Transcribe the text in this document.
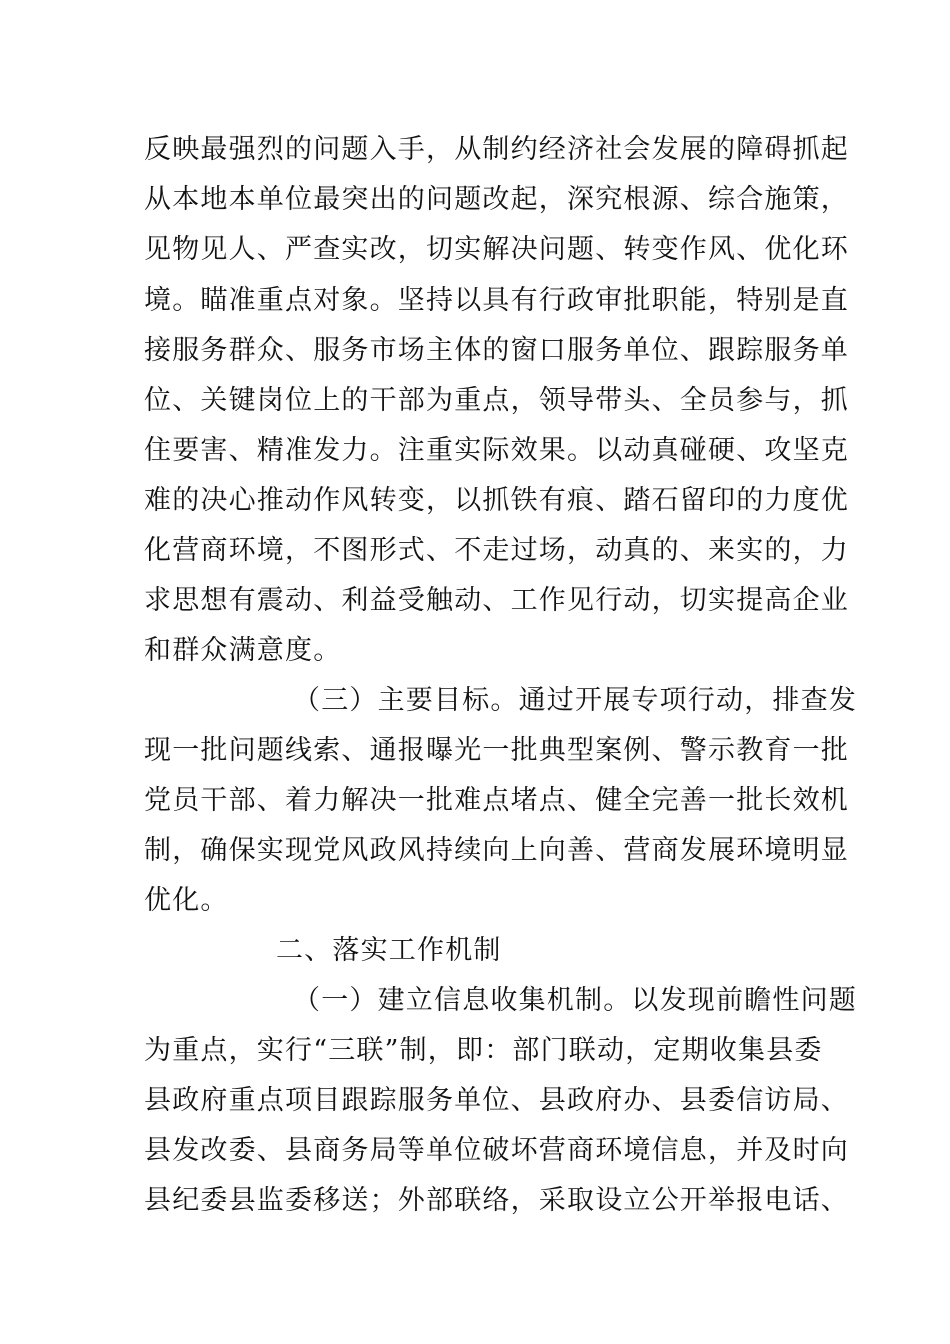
反映最强烈的问题入手，从制约经济社会发展的障碍抓起
从本地本单位最突出的问题改起，深究根源、综合施策，
见物见人、严查实改，切实解决问题、转变作风、优化环
境。瞄准重点对象。坚持以具有行政审批职能，特别是直
接服务群众、服务市场主体的窗口服务单位、跟踪服务单
位、关键岗位上的干部为重点，领导带头、全员参与，抓
住要害、精准发力。注重实际效果。以动真碰硬、攻坚克
难的决心推动作风转变，以抓铁有痕、踏石留印的力度优
化营商环境，不图形式、不走过场，动真的、来实的，力
求思想有震动、利益受触动、工作见行动，切实提高企业
和群众满意度。
（三）主要目标。通过开展专项行动，排查发
现一批问题线索、通报曝光一批典型案例、警示教育一批
党员干部、着力解决一批难点堵点、健全完善一批长效机
制，确保实现党风政风持续向上向善、营商发展环境明显
优化。
二、落实工作机制
（一）建立信息收集机制。以发现前瞻性问题
为重点，实行“三联”制，即：部门联动，定期收集县委
县政府重点项目跟踪服务单位、县政府办、县委信访局、
县发改委、县商务局等单位破坏营商环境信息，并及时向
县纪委县监委移送；外部联络，采取设立公开举报电话、
